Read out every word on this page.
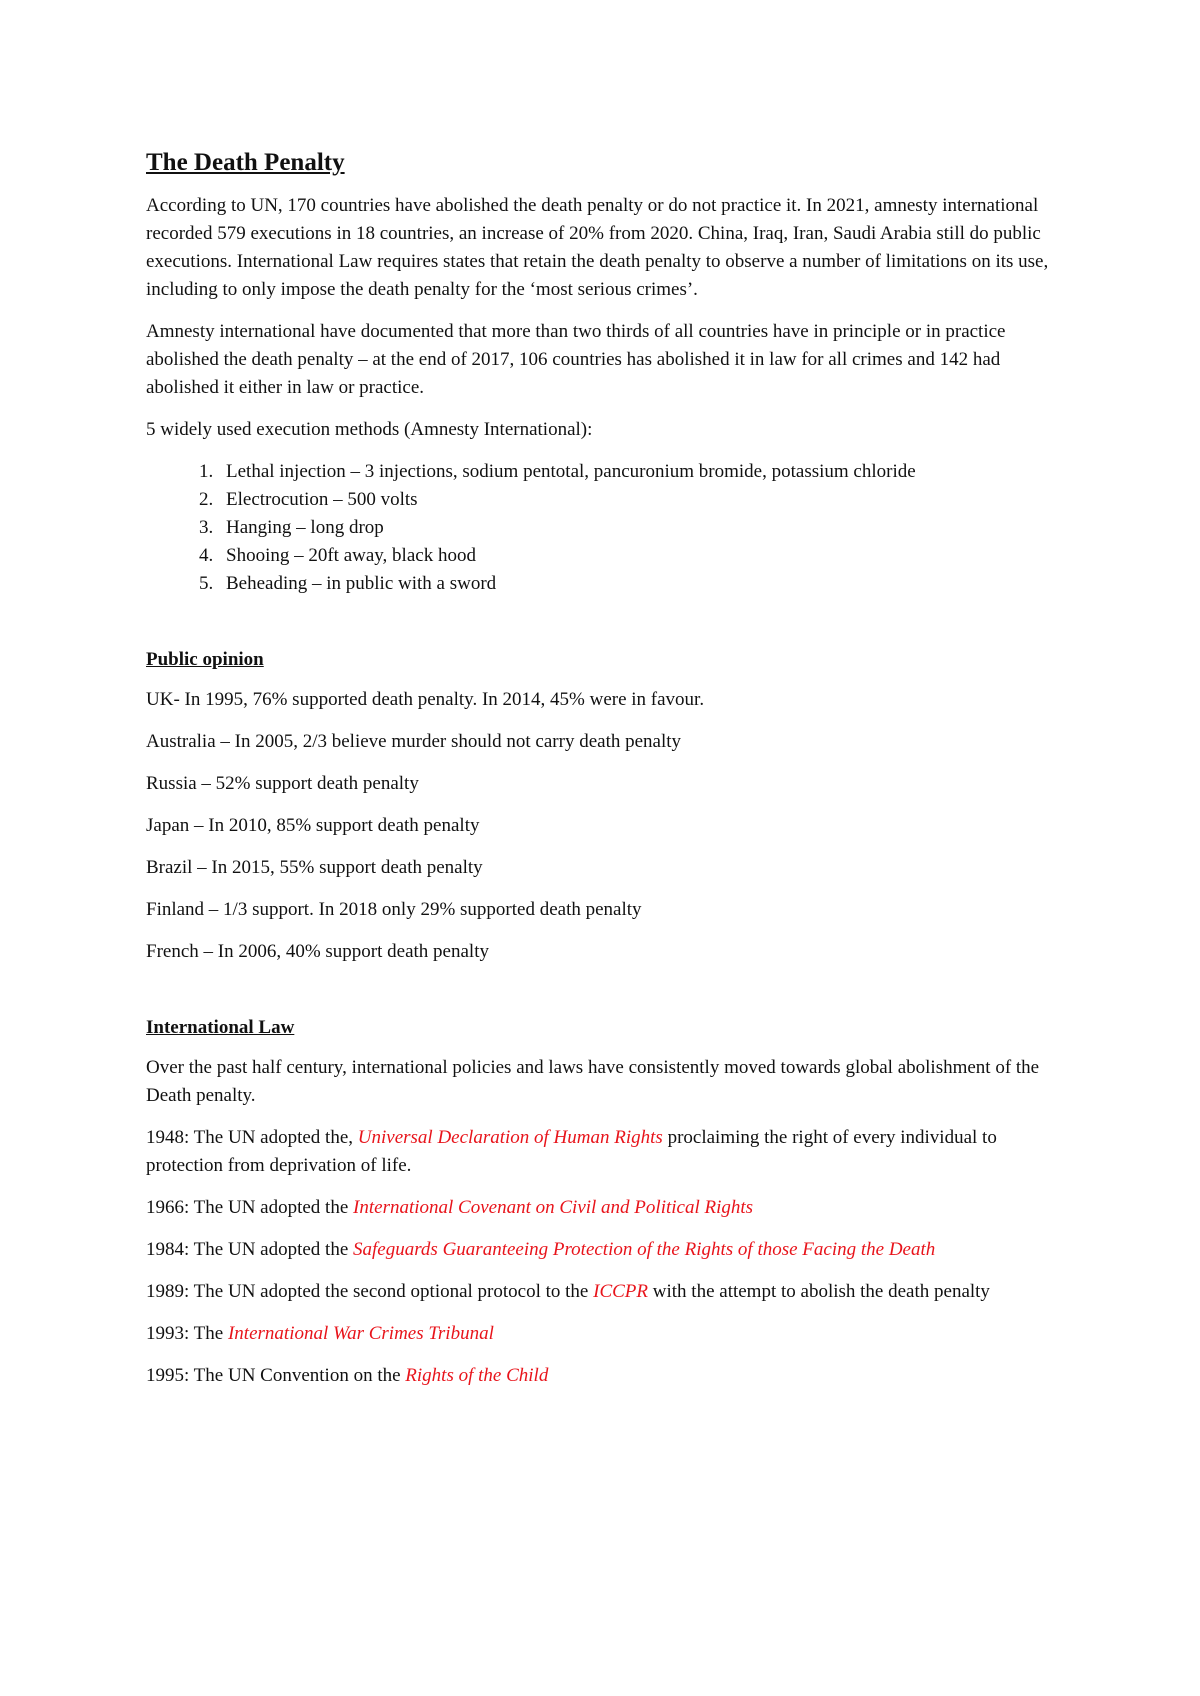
The Death Penalty

According to UN, 170 countries have abolished the death penalty or do not practice it. In 2021, amnesty international recorded 579 executions in 18 countries, an increase of 20% from 2020. China, Iraq, Iran, Saudi Arabia still do public executions. International Law requires states that retain the death penalty to observe a number of limitations on its use, including to only impose the death penalty for the ‘most serious crimes’.

Amnesty international have documented that more than two thirds of all countries have in principle or in practice abolished the death penalty – at the end of 2017, 106 countries has abolished it in law for all crimes and 142 had abolished it either in law or practice.

5 widely used execution methods (Amnesty International):

1. Lethal injection – 3 injections, sodium pentotal, pancuronium bromide, potassium chloride
2. Electrocution – 500 volts
3. Hanging – long drop
4. Shooing – 20ft away, black hood
5. Beheading – in public with a sword
Public opinion

UK- In 1995, 76% supported death penalty. In 2014, 45% were in favour.

Australia – In 2005, 2/3 believe murder should not carry death penalty

Russia – 52% support death penalty

Japan – In 2010, 85% support death penalty

Brazil – In 2015, 55% support death penalty

Finland – 1/3 support. In 2018 only 29% supported death penalty

French – In 2006, 40% support death penalty

International Law

Over the past half century, international policies and laws have consistently moved towards global abolishment of the Death penalty.

1948: The UN adopted the, Universal Declaration of Human Rights proclaiming the right of every individual to protection from deprivation of life.

1966: The UN adopted the International Covenant on Civil and Political Rights

1984: The UN adopted the Safeguards Guaranteeing Protection of the Rights of those Facing the Death

1989: The UN adopted the second optional protocol to the ICCPR with the attempt to abolish the death penalty

1993: The International War Crimes Tribunal

1995: The UN Convention on the Rights of the Child
